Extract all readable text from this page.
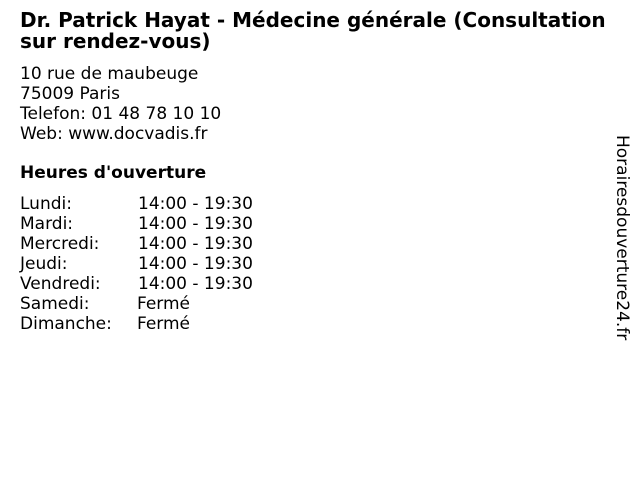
Dr. Patrick Hayat - Médecine générale (Consultation sur rendez-vous)
10 rue de maubeuge
75009 Paris
Telefon: 01 48 78 10 10
Web: www.docvadis.fr
Heures d'ouverture
Lundi:	14:00 - 19:30
Mardi:	14:00 - 19:30
Mercredi:	14:00 - 19:30
Jeudi:	14:00 - 19:30
Vendredi:	14:00 - 19:30
Samedi:	Fermé
Dimanche:	Fermé	Horairesdouverture24.fr
